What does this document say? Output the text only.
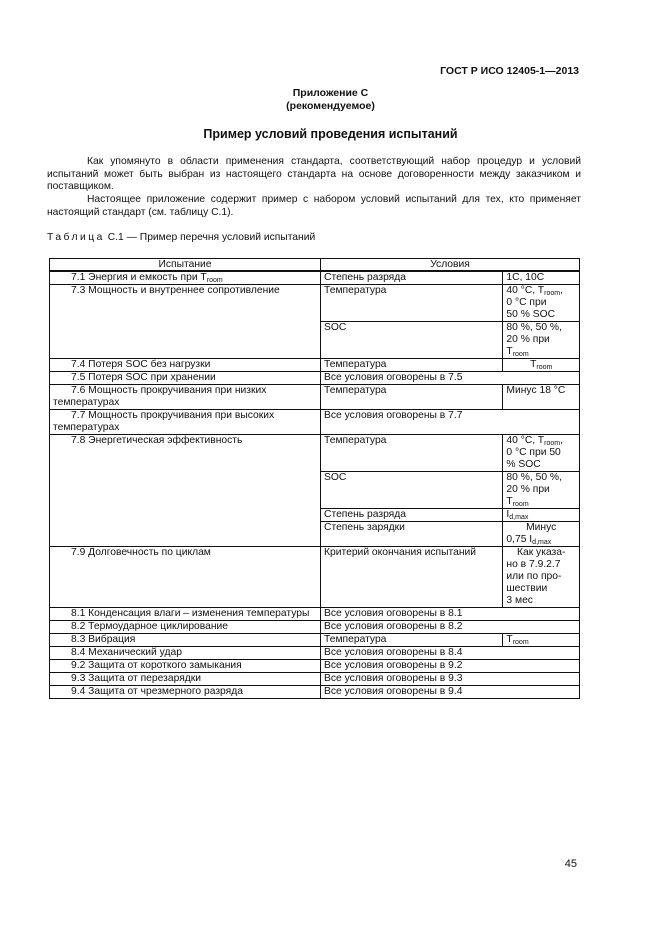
ГОСТ Р ИСО 12405-1—2013
Приложение С
(рекомендуемое)
Пример условий проведения испытаний
Как упомянуто в области применения стандарта, соответствующий набор процедур и условий испытаний может быть выбран из настоящего стандарта на основе договоренности между заказчиком и поставщиком.
Настоящее приложение содержит пример с набором условий испытаний для тех, кто применяет настоящий стандарт (см. таблицу С.1).
Таблица С.1 — Пример перечня условий испытаний
Испытание	Условия	
7.1 Энергия и емкость при $T_{room}$	Степень разряда	1C, 10C
7.3 Мощность и внутреннее сопротивление	Температура	40 °C, $T_{room}$,
0 °C при
50 % SOC

	SOC	80 %, 50 %,
20 % при
$T_{room}$

7.4 Потеря SOC без нагрузки	Температура	$T_{room}$
7.5 Потеря SOC при хранении	Все условия оговорены в 7.5	
7.6 Мощность прокручивания при низких температурах	Температура	Минус 18 °C
7.7 Мощность прокручивания при высоких температурах	Все условия оговорены в 7.7	
7.8 Энергетическая эффективность	Температура	40 °C, $T_{room}$,
0 °C при 50
% SOC

	SOC	80 %, 50 %,
20 % при
$T_{room}$

	Степень разряда	$I_{d,max}$
	Степень зарядки	Минус
0,75 $I_{d,max}$

7.9 Долговечность по циклам	Критерий окончания испытаний	Как указа-
но в 7.9.2.7
или по про-
шествии
3 мес

8.1 Конденсация влаги – изменения температуры	Все условия оговорены в 8.1	
8.2 Термоударное циклирование	Все условия оговорены в 8.2	
8.3 Вибрация	Температура	$T_{room}$
8.4 Механический удар	Все условия оговорены в 8.4	
9.2 Защита от короткого замыкания	Все условия оговорены в 9.2	
9.3 Защита от перезарядки	Все условия оговорены в 9.3	
9.4 Защита от чрезмерного разряда	Все условия оговорены в 9.4	
45
